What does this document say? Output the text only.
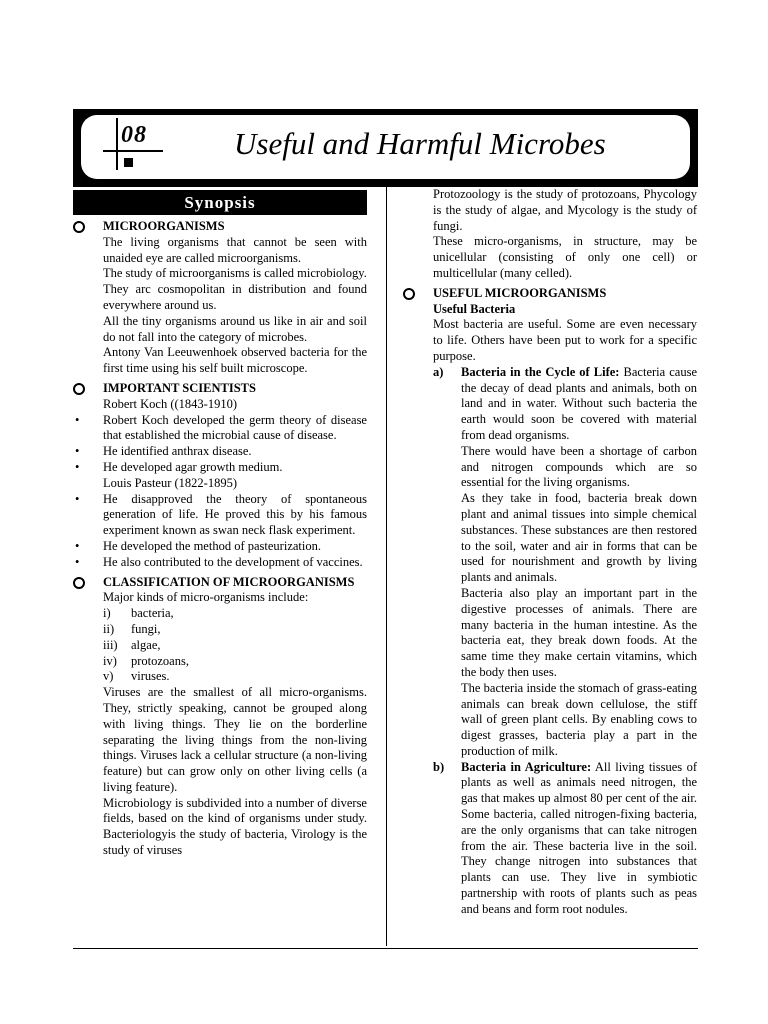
08	Useful and Harmful Microbes
Synopsis
MICROORGANISMS
The living organisms that cannot be seen with unaided eye are called microorganisms.
The study of microorganisms is called microbiology.
They arc cosmopolitan in distribution and found everywhere around us.
All the tiny organisms around us like in air and soil do not fall into the category of microbes.
Antony Van Leeuwenhoek observed bacteria for the first time using his self built microscope.
IMPORTANT SCIENTISTS
Robert Koch ((1843-1910)
• Robert Koch developed the germ theory of disease that established the microbial cause of disease.
• He identified anthrax disease.
• He developed agar growth medium.
Louis Pasteur (1822-1895)
• He disapproved the theory of spontaneous generation of life. He proved this by his famous experiment known as swan neck flask experiment.
• He developed the method of pasteurization.
• He also contributed to the development of vaccines.
CLASSIFICATION OF MICROORGANISMS
Major kinds of micro-organisms include:
i) bacteria,
ii) fungi,
iii) algae,
iv) protozoans,
v) viruses.
Viruses are the smallest of all micro-organisms. They, strictly speaking, cannot be grouped along with living things. They lie on the borderline separating the living things from the non-living things. Viruses lack a cellular structure (a non-living feature) but can grow only on other living cells (a living feature).
Microbiology is subdivided into a number of diverse fields, based on the kind of organisms under study. Bacteriologyis the study of bacteria, Virology is the study of viruses
Protozoology is the study of protozoans, Phycology is the study of algae, and Mycology is the study of fungi.
These micro-organisms, in structure, may be unicellular (consisting of only one cell) or multicellular (many celled).
USEFUL MICROORGANISMS
Useful Bacteria
Most bacteria are useful. Some are even necessary to life. Others have been put to work for a specific purpose.
a) Bacteria in the Cycle of Life: Bacteria cause the decay of dead plants and animals, both on land and in water. Without such bacteria the earth would soon be covered with material from dead organisms.
There would have been a shortage of carbon and nitrogen compounds which are so essential for the living organisms.
As they take in food, bacteria break down plant and animal tissues into simple chemical substances. These substances are then restored to the soil, water and air in forms that can be used for nourishment and growth by living plants and animals.
Bacteria also play an important part in the digestive processes of animals. There are many bacteria in the human intestine. As the bacteria eat, they break down foods. At the same time they make certain vitamins, which the body then uses.
The bacteria inside the stomach of grass-eating animals can break down cellulose, the stiff wall of green plant cells. By enabling cows to digest grasses, bacteria play a part in the production of milk.
b) Bacteria in Agriculture: All living tissues of plants as well as animals need nitrogen, the gas that makes up almost 80 per cent of the air. Some bacteria, called nitrogen-fixing bacteria, are the only organisms that can take nitrogen from the air. These bacteria live in the soil. They change nitrogen into substances that plants can use. They live in symbiotic partnership with roots of plants such as peas and beans and form root nodules.
